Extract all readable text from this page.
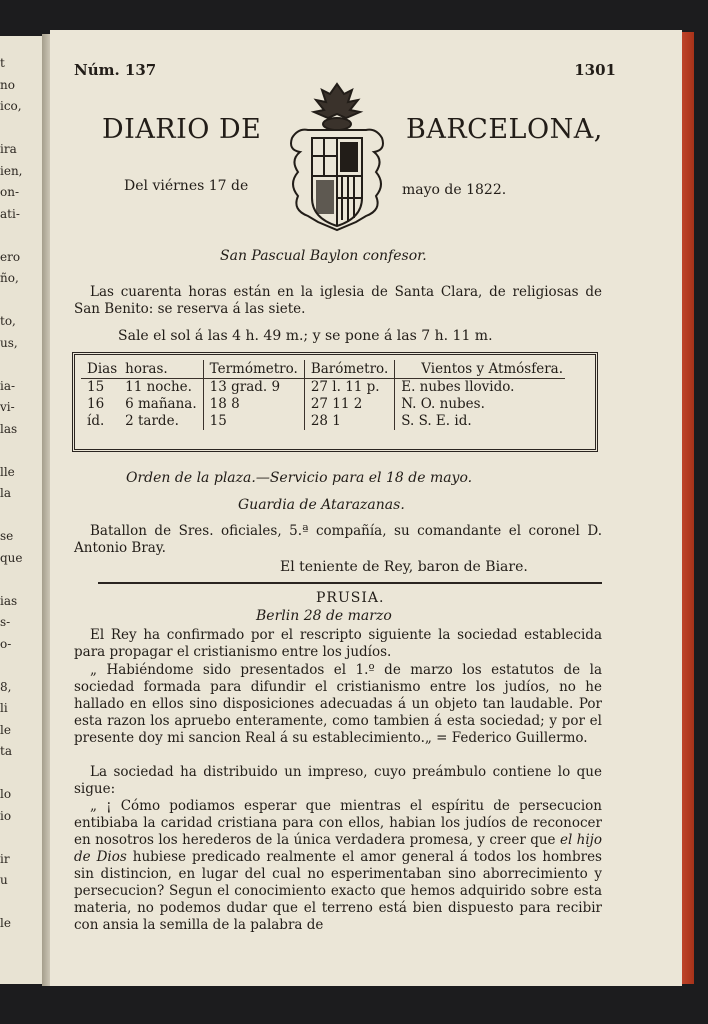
t
no
ico,
ira
ien,
on-
ati-
ero
ño,
to,
us,
ia-
vi-
las
lle
la
se
que
ias
s-
o-
8,
li
le
ta
lo
io
ir
u
le
Núm. 137	1301
DIARIO DE	BARCELONA,
Del viérnes 17 de	mayo de 1822.
San Pascual Baylon confesor.
Las cuarenta horas están en la iglesia de Santa Clara, de religiosas de San Benito: se reserva á las siete.
Sale el sol á las 4 h. 49 m.; y se pone á las 7 h. 11 m.
Dias	horas.	Termómetro.	Barómetro.	Vientos y Atmósfera.
15	11 noche.	13 grad. 9	27 l. 11 p.	E. nubes llovido.
16	6 mañana.	18 8	27 11 2	N. O. nubes.
íd.	2 tarde.	15	28 1	S. S. E. id.
Orden de la plaza.—Servicio para el 18 de mayo.
Guardia de Atarazanas.
Batallon de Sres. oficiales, 5.ª compañía, su comandante el coronel D. Antonio Bray.
El teniente de Rey, baron de Biare.
PRUSIA.
Berlin 28 de marzo
El Rey ha confirmado por el rescripto siguiente la sociedad establecida para propagar el cristianismo entre los judíos.
„ Habiéndome sido presentados el 1.º de marzo los estatutos de la sociedad formada para difundir el cristianismo entre los judíos, no he hallado en ellos sino disposiciones adecuadas á un objeto tan laudable. Por esta razon los apruebo enteramente, como tambien á esta sociedad; y por el presente doy mi sancion Real á su establecimiento.„ = Federico Guillermo.
La sociedad ha distribuido un impreso, cuyo preámbulo contiene lo que sigue:
„ ¡ Cómo podiamos esperar que mientras el espíritu de persecucion entibiaba la caridad cristiana para con ellos, habian los judíos de reconocer en nosotros los herederos de la única verdadera promesa, y creer que el hijo de Dios hubiese predicado realmente el amor general á todos los hombres sin distincion, en lugar del cual no esperimentaban sino aborrecimiento y persecucion? Segun el conocimiento exacto que hemos adquirido sobre esta materia, no podemos dudar que el terreno está bien dispuesto para recibir con ansia la semilla de la palabra de
